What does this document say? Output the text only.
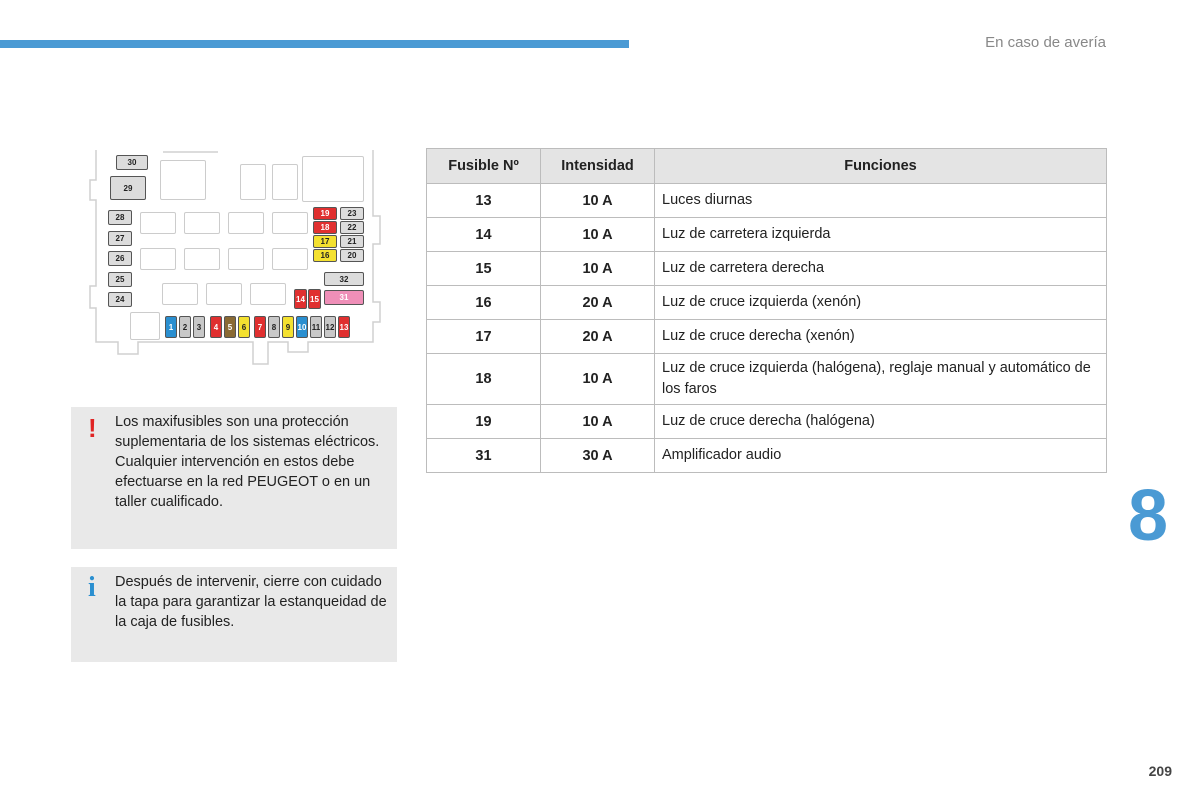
En caso de avería
8
209
30
29
28
27
26
25
24
19	23
18	22
17	21
16	20
32
14 15	31
1	2	3	4	5	6	7	8	9 10 11 12 13
! Los maxifusibles son una protección suplementaria de los sistemas eléctricos. Cualquier intervención en estos debe efectuarse en la red PEUGEOT o en un taller cualificado.

i Después de intervenir, cierre con cuidado la tapa para garantizar la estanqueidad de la caja de fusibles.

Fusible Nº	Intensidad	Funciones
13	10 A	Luces diurnas
14	10 A	Luz de carretera izquierda
15	10 A	Luz de carretera derecha
16	20 A	Luz de cruce izquierda (xenón)
17	20 A	Luz de cruce derecha (xenón)
18	10 A	Luz de cruce izquierda (halógena), reglaje manual y automático de los faros
19	10 A	Luz de cruce derecha (halógena)
31	30 A	Amplificador audio
